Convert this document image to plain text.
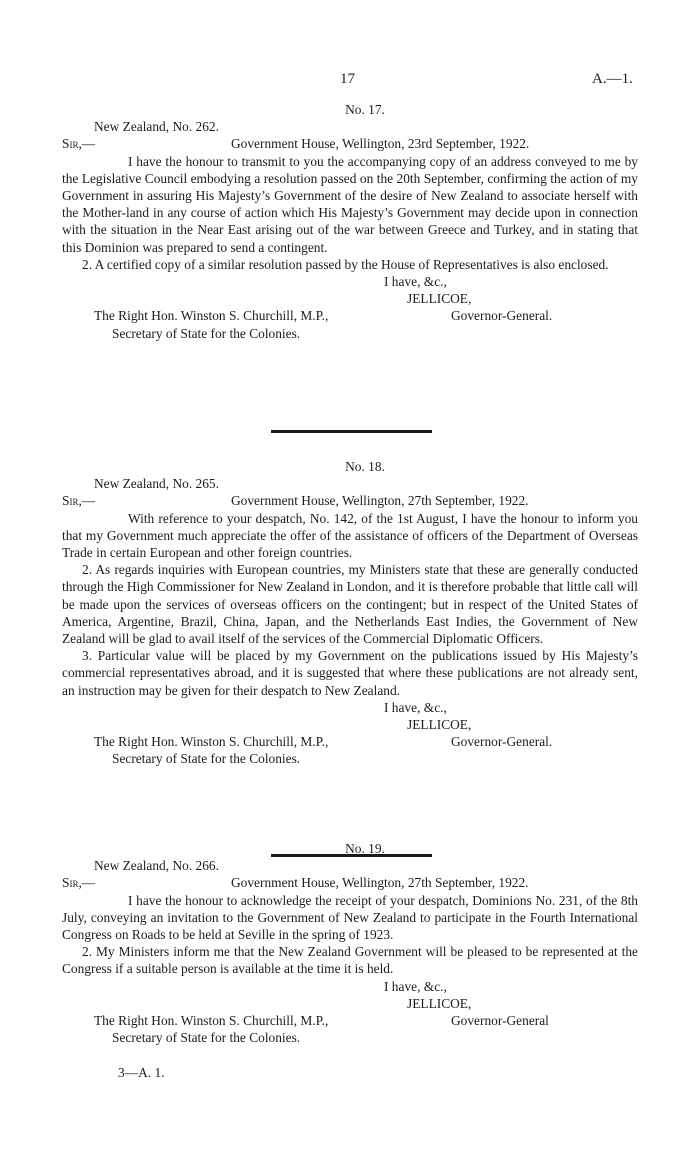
17	A.—1.
No. 17.
New Zealand, No. 262.
Sir,—	Government House, Wellington, 23rd September, 1922.

I have the honour to transmit to you the accompanying copy of an address conveyed to me by the Legislative Council embodying a resolution passed on the 20th September, confirming the action of my Government in assuring His Majesty’s Government of the desire of New Zealand to associate herself with the Mother-land in any course of action which His Majesty’s Government may decide upon in connection with the situation in the Near East arising out of the war between Greece and Turkey, and in stating that this Dominion was prepared to send a contingent.

2. A certified copy of a similar resolution passed by the House of Representatives is also enclosed.

I have, &c.,
JELLICOE,
The Right Hon. Winston S. Churchill, M.P.,	Governor-General.
Secretary of State for the Colonies.
No. 18.
New Zealand, No. 265.
Sir,—	Government House, Wellington, 27th September, 1922.

With reference to your despatch, No. 142, of the 1st August, I have the honour to inform you that my Government much appreciate the offer of the assistance of officers of the Department of Overseas Trade in certain European and other foreign countries.

2. As regards inquiries with European countries, my Ministers state that these are generally conducted through the High Commissioner for New Zealand in London, and it is therefore probable that little call will be made upon the services of overseas officers on the contingent; but in respect of the United States of America, Argentine, Brazil, China, Japan, and the Netherlands East Indies, the Government of New Zealand will be glad to avail itself of the services of the Commercial Diplomatic Officers.

3. Particular value will be placed by my Government on the publications issued by His Majesty’s commercial representatives abroad, and it is suggested that where these publications are not already sent, an instruction may be given for their despatch to New Zealand.

I have, &c.,
JELLICOE,
The Right Hon. Winston S. Churchill, M.P.,	Governor-General.
Secretary of State for the Colonies.
No. 19.
New Zealand, No. 266.
Sir,—	Government House, Wellington, 27th September, 1922.

I have the honour to acknowledge the receipt of your despatch, Dominions No. 231, of the 8th July, conveying an invitation to the Government of New Zealand to participate in the Fourth International Congress on Roads to be held at Seville in the spring of 1923.

2. My Ministers inform me that the New Zealand Government will be pleased to be represented at the Congress if a suitable person is available at the time it is held.

I have, &c.,
JELLICOE,
The Right Hon. Winston S. Churchill, M.P.,	Governor-General
Secretary of State for the Colonies.
3—A. 1.
